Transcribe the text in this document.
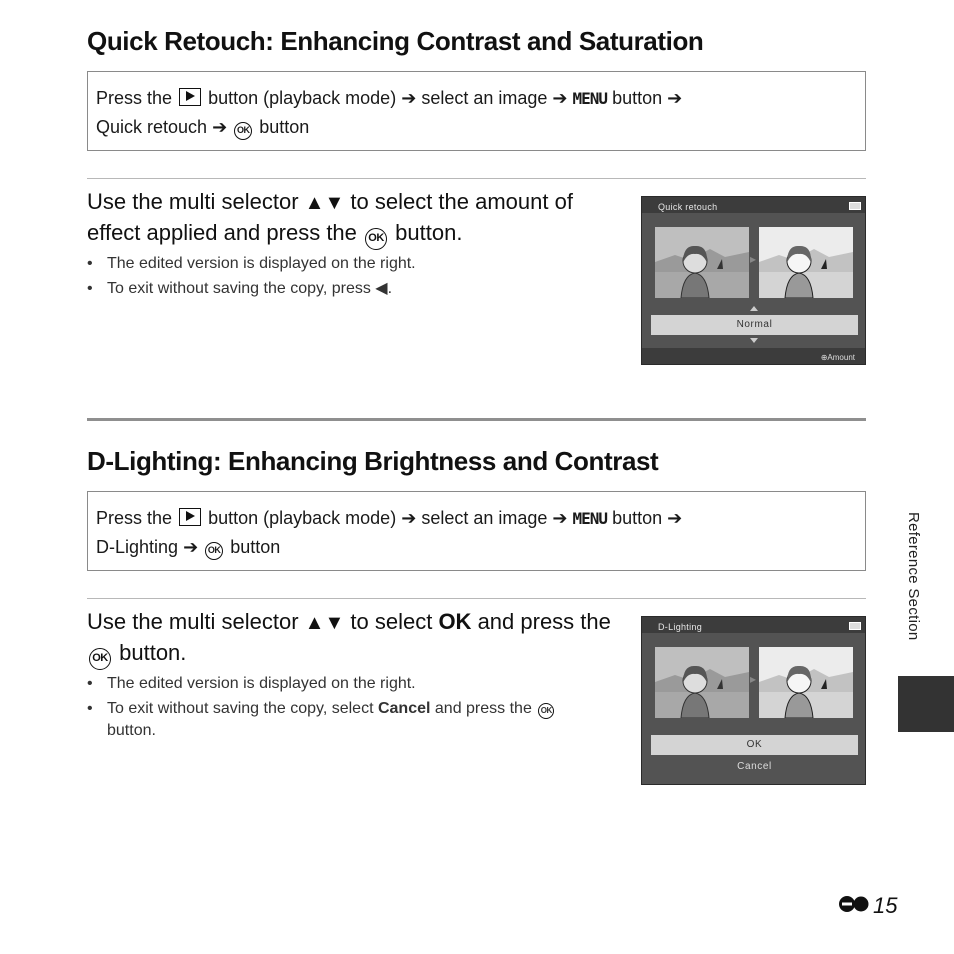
Quick Retouch: Enhancing Contrast and Saturation
Press the button (playback mode) ➔ select an image ➔ MENU button ➔
Quick retouch ➔ OK button
Use the multi selector ▲▼ to select the amount of effect applied and press the OK button.
• The edited version is displayed on the right.
• To exit without saving the copy, press ◀.
Quick retouch
▸
Normal
⊕Amount
D-Lighting: Enhancing Brightness and Contrast
Press the button (playback mode) ➔ select an image ➔ MENU button ➔
D-Lighting ➔ OK button
Use the multi selector ▲▼ to select OK and press the OK button.
• The edited version is displayed on the right.
• To exit without saving the copy, select Cancel and press the OK button.
D-Lighting
▸
OK
Cancel
Reference Section
15
